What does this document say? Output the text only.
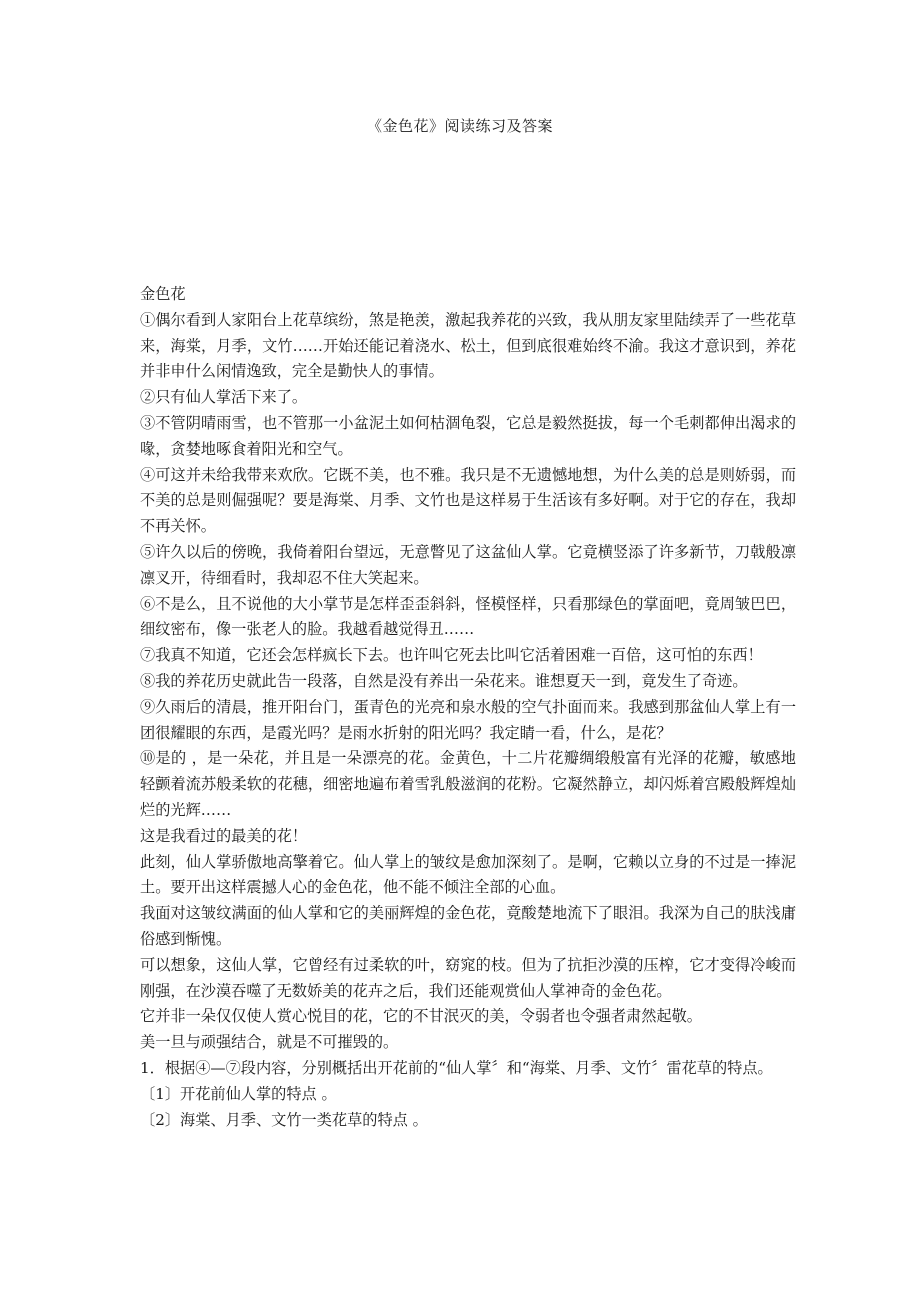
《金色花》阅读练习及答案

金色花

①偶尔看到人家阳台上花草缤纷，煞是艳羡，激起我养花的兴致，我从朋友家里陆续弄了一些花草来，海棠，月季，文竹……开始还能记着浇水、松土，但到底很难始终不渝。我这才意识到，养花并非申什么闲情逸致，完全是勤快人的事情。

②只有仙人掌活下来了。

③不管阴晴雨雪，也不管那一小盆泥土如何枯涸龟裂，它总是毅然挺拔，每一个毛刺都伸出渴求的喙，贪婪地啄食着阳光和空气。

④可这并未给我带来欢欣。它既不美，也不雅。我只是不无遗憾地想，为什么美的总是则娇弱，而不美的总是则倔强呢？要是海棠、月季、文竹也是这样易于生活该有多好啊。对于它的存在，我却不再关怀。

⑤许久以后的傍晚，我倚着阳台望远，无意瞥见了这盆仙人掌。它竟横竖添了许多新节，刀戟般凛凛叉开，待细看时，我却忍不住大笑起来。

⑥不是么，且不说他的大小掌节是怎样歪歪斜斜，怪模怪样，只看那绿色的掌面吧，竟周皱巴巴，细纹密布，像一张老人的脸。我越看越觉得丑……

⑦我真不知道，它还会怎样疯长下去。也许叫它死去比叫它活着困难一百倍，这可怕的东西！

⑧我的养花历史就此告一段落，自然是没有养出一朵花来。谁想夏天一到，竟发生了奇迹。

⑨久雨后的清晨，推开阳台门，蛋青色的光亮和泉水般的空气扑面而来。我感到那盆仙人掌上有一团很耀眼的东西，是霞光吗？是雨水折射的阳光吗？我定睛一看，什么，是花？

⑩是的 ，是一朵花，并且是一朵漂亮的花。金黄色，十二片花瓣绸缎般富有光泽的花瓣，敏感地轻颤着流苏般柔软的花穗，细密地遍布着雪乳般滋润的花粉。它凝然静立，却闪烁着宫殿般辉煌灿烂的光辉……

这是我看过的最美的花！

此刻，仙人掌骄傲地高擎着它。仙人掌上的皱纹是愈加深刻了。是啊，它赖以立身的不过是一捧泥土。要开出这样震撼人心的金色花，他不能不倾注全部的心血。

我面对这皱纹满面的仙人掌和它的美丽辉煌的金色花，竟酸楚地流下了眼泪。我深为自己的肤浅庸俗感到惭愧。

可以想象，这仙人掌，它曾经有过柔软的叶，窈窕的枝。但为了抗拒沙漠的压榨，它才变得冷峻而刚强，在沙漠吞噬了无数娇美的花卉之后，我们还能观赏仙人掌神奇的金色花。

它并非一朵仅仅使人赏心悦目的花，它的不甘泯灭的美，令弱者也令强者肃然起敬。

美一旦与顽强结合，就是不可摧毁的。

1．根据④—⑦段内容，分别概括出开花前的“仙人掌〞和“海棠、月季、文竹〞雷花草的特点。

〔1〕开花前仙人掌的特点 。

〔2〕海棠、月季、文竹一类花草的特点 。
